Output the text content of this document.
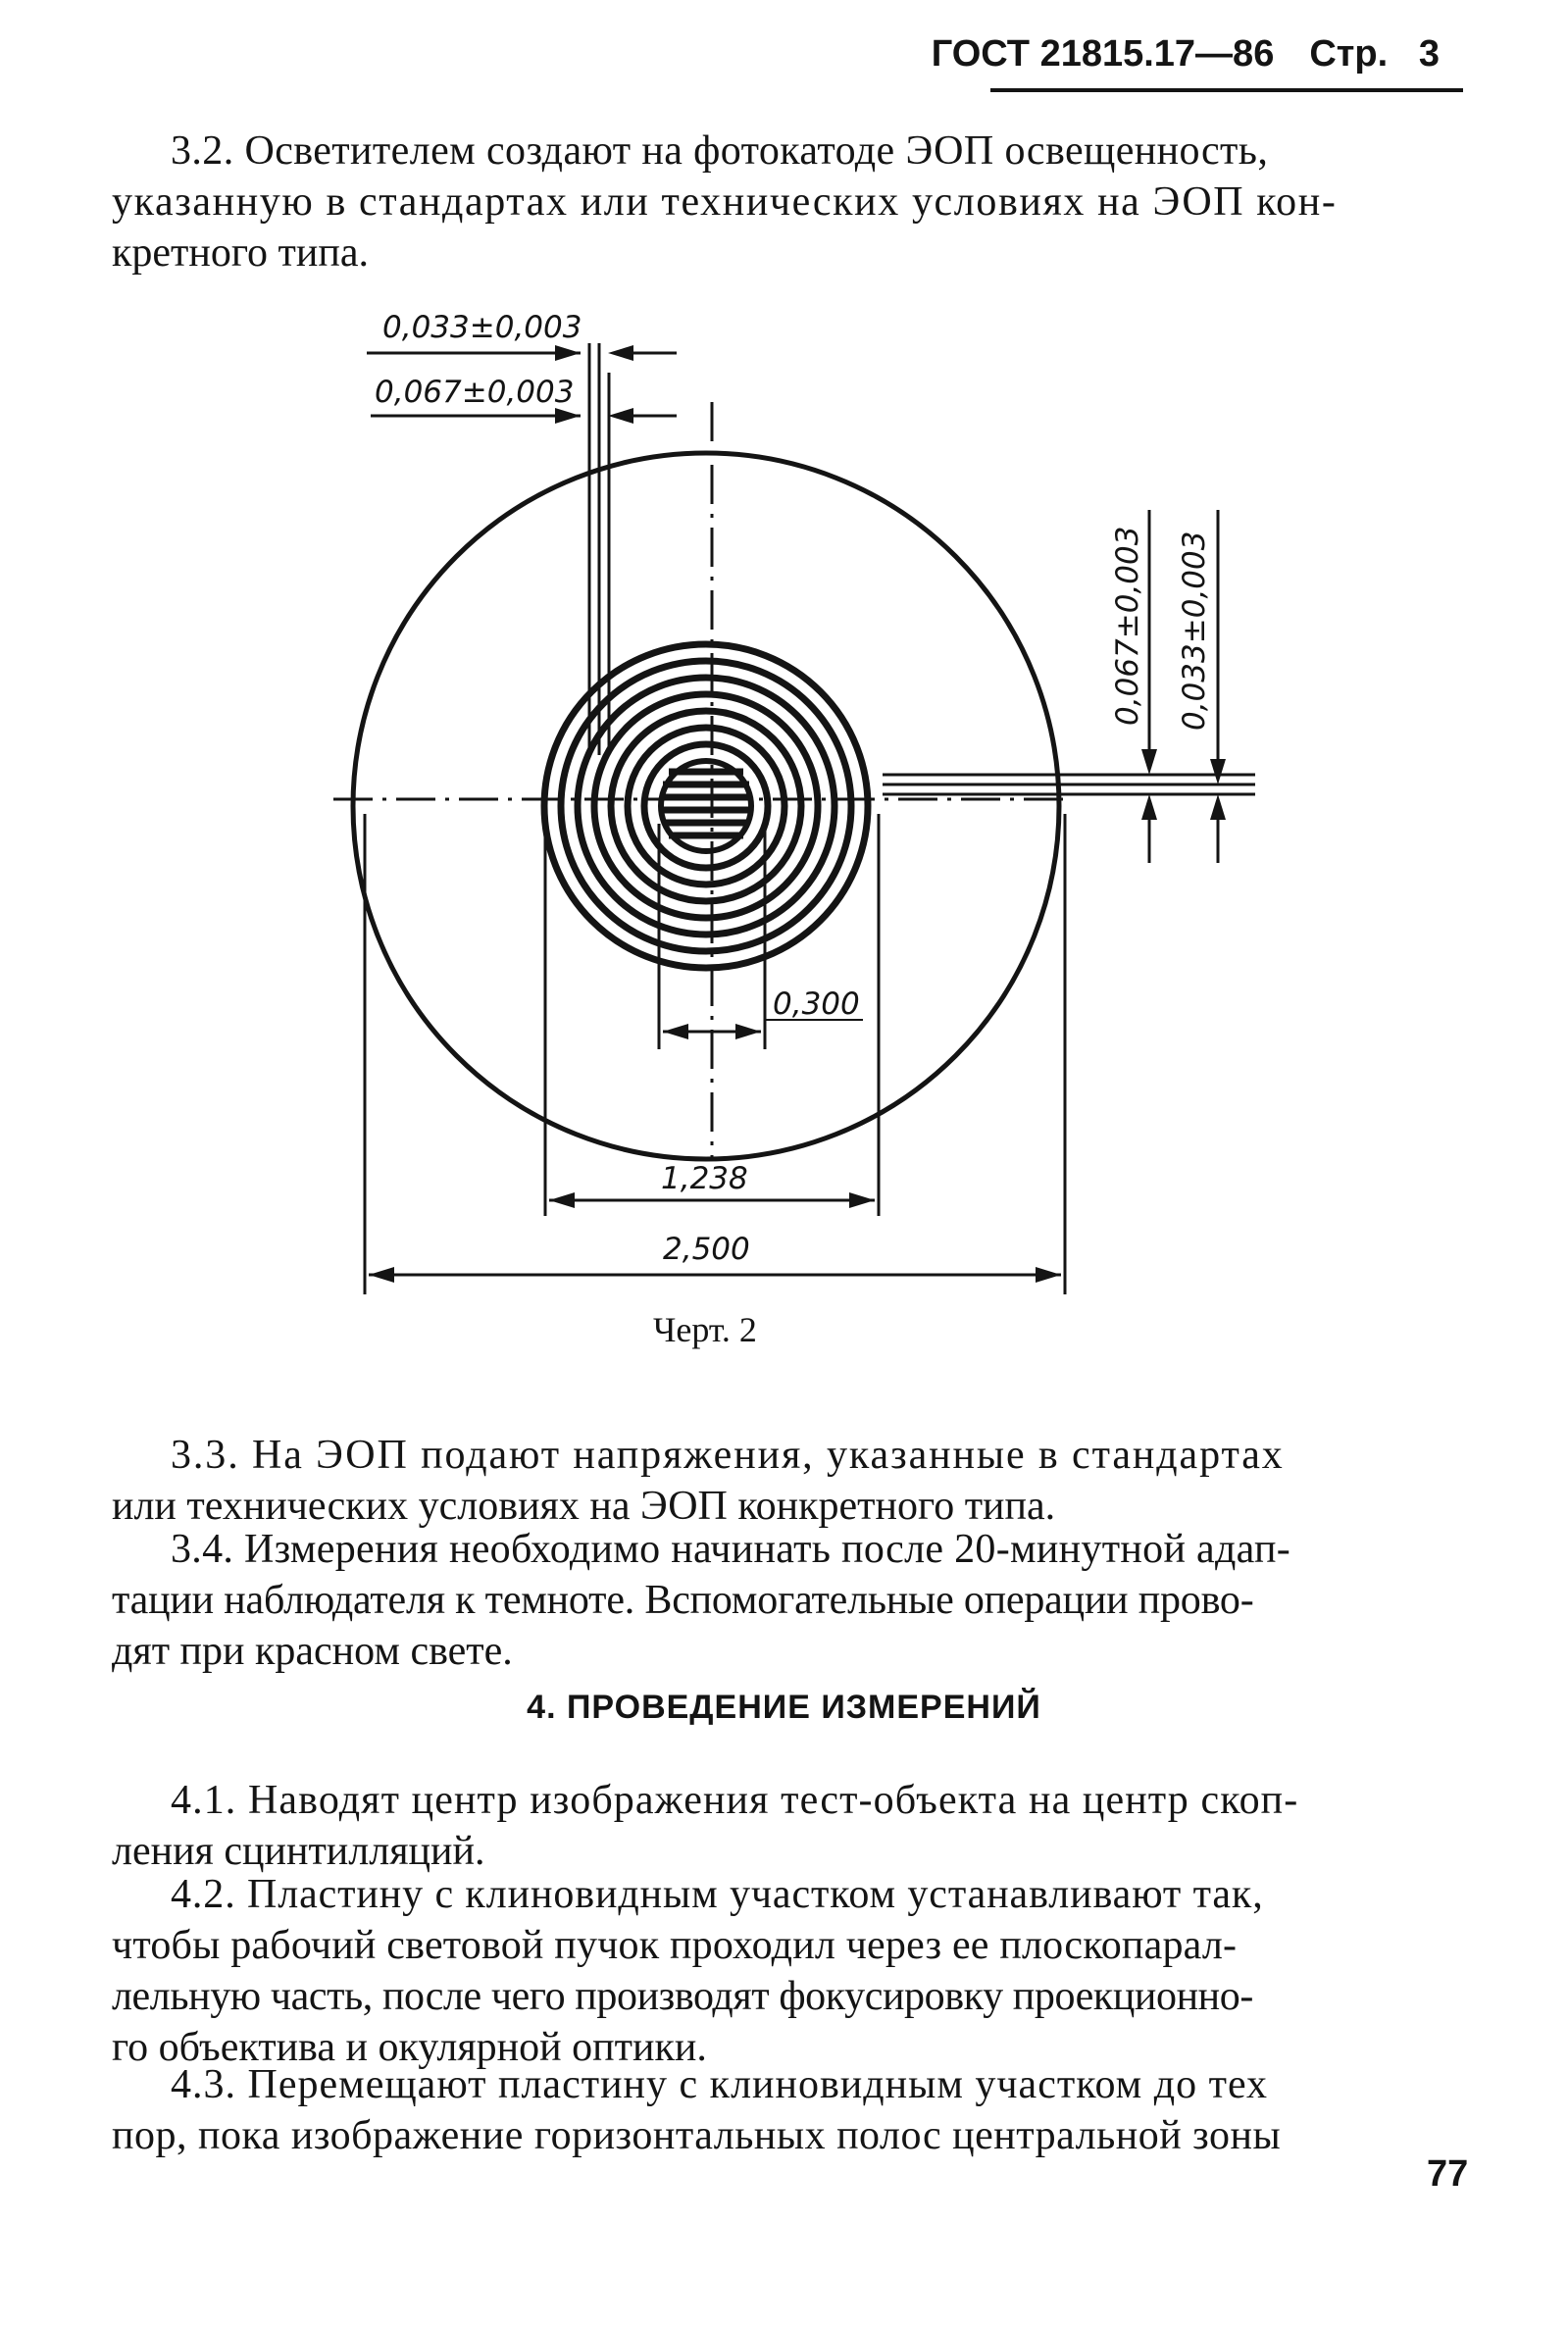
ГОСТ 21815.17—86 Стр. 3
3.2. Осветителем создают на фотокатоде ЭОП освещенность,
указанную в стандартах или технических условиях на ЭОП кон-
кретного типа.
0,033±0,003
0,067±0,003
0,067±0,003 0,033±0,003
0,300
1,238
2,500
Черт. 2
3.3. На ЭОП подают напряжения, указанные в стандартах
или технических условиях на ЭОП конкретного типа.
3.4. Измерения необходимо начинать после 20-минутной адап-
тации наблюдателя к темноте. Вспомогательные операции прово-
дят при красном свете.
4. ПРОВЕДЕНИЕ ИЗМЕРЕНИЙ
4.1. Наводят центр изображения тест-объекта на центр скоп-
ления сцинтилляций.
4.2. Пластину с клиновидным участком устанавливают так,
чтобы рабочий световой пучок проходил через ее плоскопарал-
лельную часть, после чего производят фокусировку проекционно-
го объектива и окулярной оптики.
4.3. Перемещают пластину с клиновидным участком до тех
пор, пока изображение горизонтальных полос центральной зоны
77
